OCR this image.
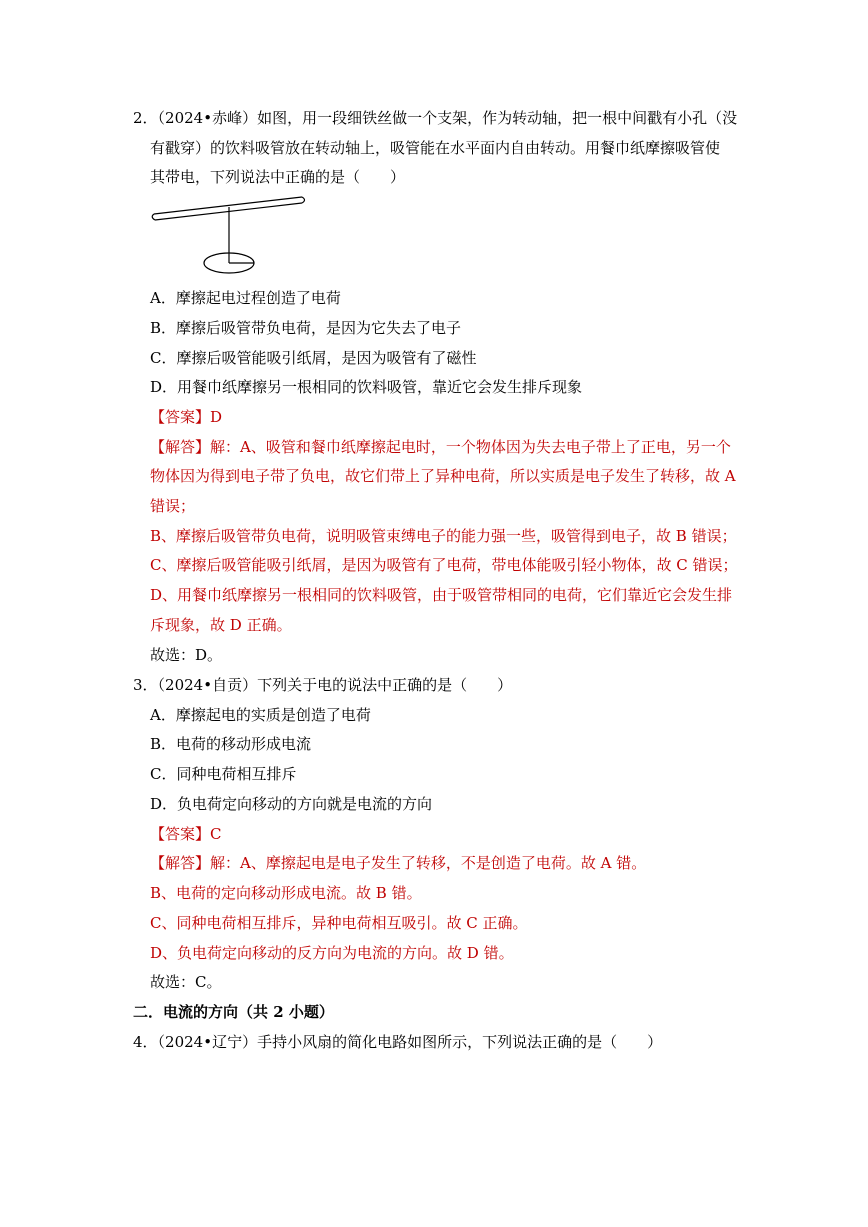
2．（2024•赤峰）如图，用一段细铁丝做一个支架，作为转动轴，把一根中间戳有小孔（没
有戳穿）的饮料吸管放在转动轴上，吸管能在水平面内自由转动。用餐巾纸摩擦吸管使
其带电，下列说法中正确的是（　　）
A．摩擦起电过程创造了电荷
B．摩擦后吸管带负电荷，是因为它失去了电子
C．摩擦后吸管能吸引纸屑，是因为吸管有了磁性
D．用餐巾纸摩擦另一根相同的饮料吸管，靠近它会发生排斥现象
【答案】D
【解答】解：A、吸管和餐巾纸摩擦起电时，一个物体因为失去电子带上了正电，另一个
物体因为得到电子带了负电，故它们带上了异种电荷，所以实质是电子发生了转移，故 A
错误；
B、摩擦后吸管带负电荷，说明吸管束缚电子的能力强一些，吸管得到电子，故 B 错误；
C、摩擦后吸管能吸引纸屑，是因为吸管有了电荷，带电体能吸引轻小物体，故 C 错误；
D、用餐巾纸摩擦另一根相同的饮料吸管，由于吸管带相同的电荷，它们靠近它会发生排
斥现象，故 D 正确。
故选：D。
3．（2024•自贡）下列关于电的说法中正确的是（　　）
A．摩擦起电的实质是创造了电荷
B．电荷的移动形成电流
C．同种电荷相互排斥
D．负电荷定向移动的方向就是电流的方向
【答案】C
【解答】解：A、摩擦起电是电子发生了转移，不是创造了电荷。故 A 错。
B、电荷的定向移动形成电流。故 B 错。
C、同种电荷相互排斥，异种电荷相互吸引。故 C 正确。
D、负电荷定向移动的反方向为电流的方向。故 D 错。
故选：C。
二．电流的方向（共 2 小题）
4．（2024•辽宁）手持小风扇的简化电路如图所示，下列说法正确的是（　　）
